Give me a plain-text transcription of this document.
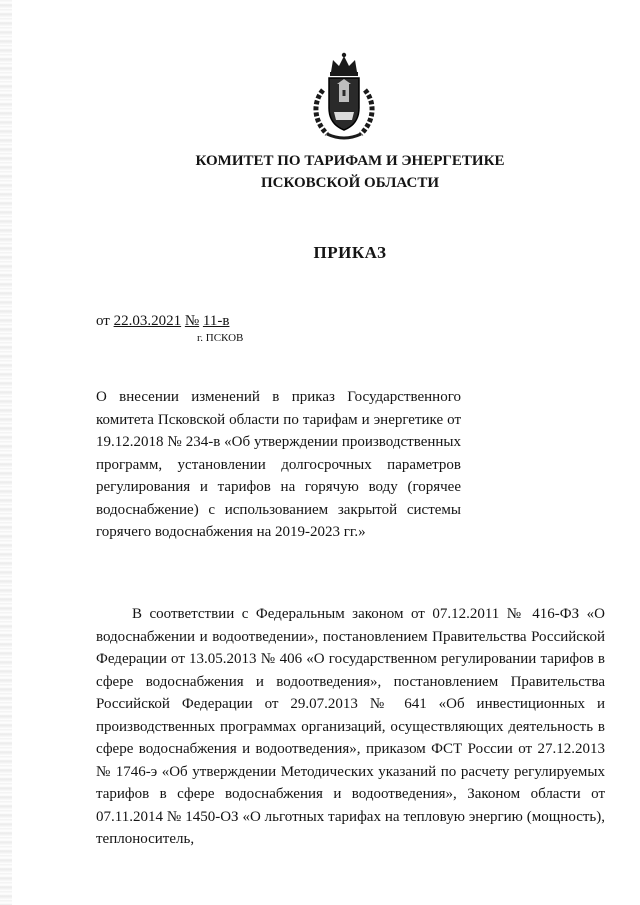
КОМИТЕТ ПО ТАРИФАМ И ЭНЕРГЕТИКЕ
ПСКОВСКОЙ ОБЛАСТИ
ПРИКАЗ
от 22.03.2021 № 11-в
г. ПСКОВ
О внесении изменений в приказ Государственного комитета Псковской области по тарифам и энергетике от 19.12.2018 № 234-в «Об утверждении производственных программ, установлении долгосрочных параметров регулирования и тарифов на горячую воду (горячее водоснабжение) с использованием закрытой системы горячего водоснабжения на 2019-2023 гг.»

В соответствии с Федеральным законом от 07.12.2011 № 416-ФЗ «О водоснабжении и водоотведении», постановлением Правительства Российской Федерации от 13.05.2013 № 406 «О государственном регулировании тарифов в сфере водоснабжения и водоотведения», постановлением Правительства Российской Федерации от 29.07.2013 № 641 «Об инвестиционных и производственных программах организаций, осуществляющих деятельность в сфере водоснабжения и водоотведения», приказом ФСТ России от 27.12.2013 № 1746-э «Об утверждении Методических указаний по расчету регулируемых тарифов в сфере водоснабжения и водоотведения», Законом области от 07.11.2014 № 1450-ОЗ «О льготных тарифах на тепловую энергию (мощность), теплоноситель,
